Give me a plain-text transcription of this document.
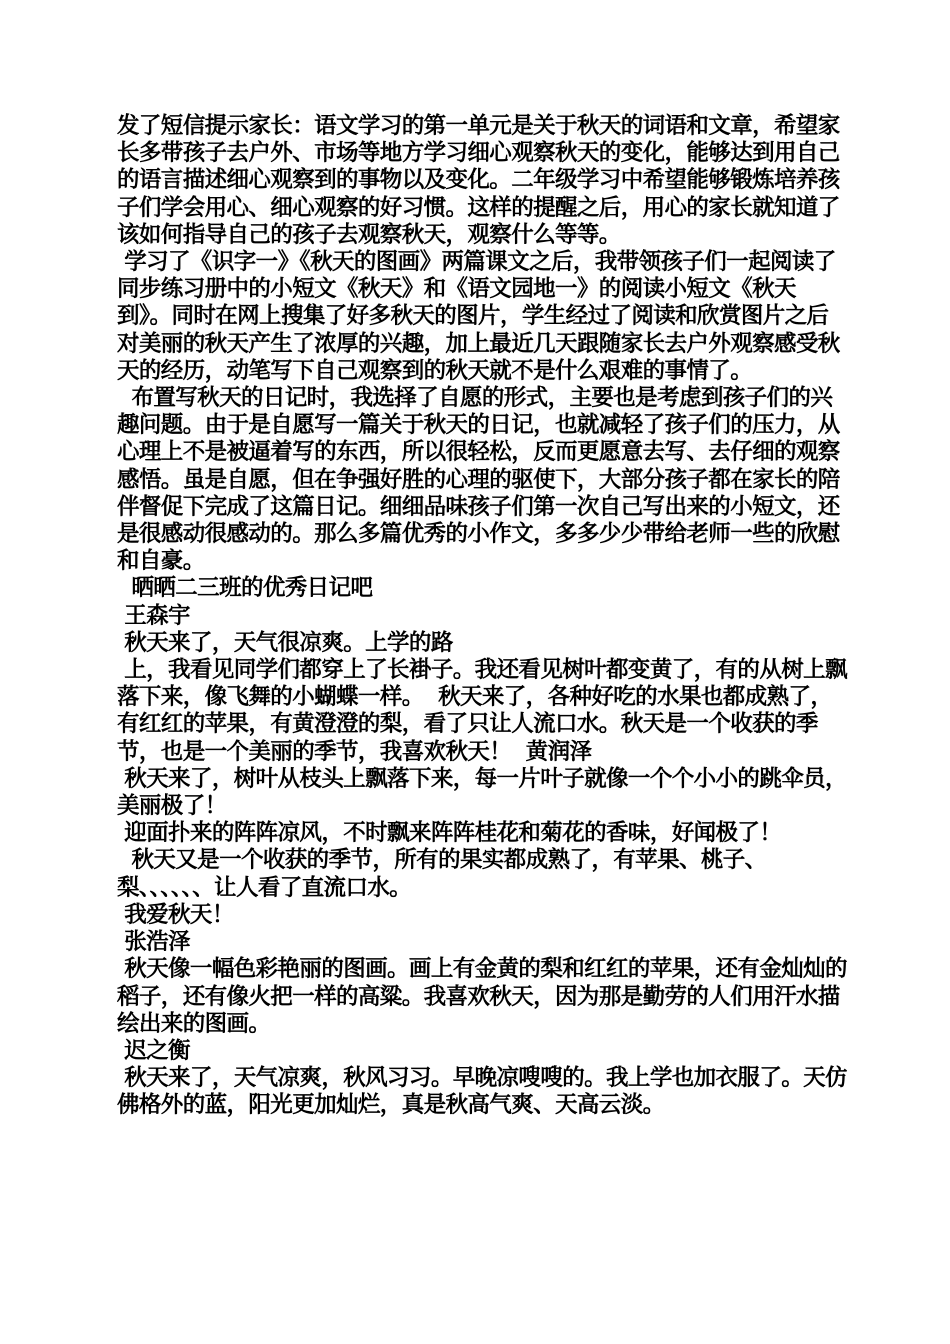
发了短信提示家长：语文学习的第一单元是关于秋天的词语和文章，希望家长多带孩子去户外、市场等地方学习细心观察秋天的变化，能够达到用自己的语言描述细心观察到的事物以及变化。二年级学习中希望能够锻炼培养孩子们学会用心、细心观察的好习惯。这样的提醒之后，用心的家长就知道了该如何指导自己的孩子去观察秋天，观察什么等等。

学习了《识字一》《秋天的图画》两篇课文之后，我带领孩子们一起阅读了同步练习册中的小短文《秋天》和《语文园地一》的阅读小短文《秋天到》。同时在网上搜集了好多秋天的图片，学生经过了阅读和欣赏图片之后对美丽的秋天产生了浓厚的兴趣，加上最近几天跟随家长去户外观察感受秋天的经历，动笔写下自己观察到的秋天就不是什么艰难的事情了。

布置写秋天的日记时，我选择了自愿的形式，主要也是考虑到孩子们的兴趣问题。由于是自愿写一篇关于秋天的日记，也就减轻了孩子们的压力，从心理上不是被逼着写的东西，所以很轻松，反而更愿意去写、去仔细的观察感悟。虽是自愿，但在争强好胜的心理的驱使下，大部分孩子都在家长的陪伴督促下完成了这篇日记。细细品味孩子们第一次自己写出来的小短文，还是很感动很感动的。那么多篇优秀的小作文，多多少少带给老师一些的欣慰和自豪。

晒晒二三班的优秀日记吧

王森宇

秋天来了，天气很凉爽。上学的路

上，我看见同学们都穿上了长褂子。我还看见树叶都变黄了，有的从树上飘落下来，像飞舞的小蝴蝶一样。  秋天来了，各种好吃的水果也都成熟了，有红红的苹果，有黄澄澄的梨，看了只让人流口水。秋天是一个收获的季节，也是一个美丽的季节，我喜欢秋天！  黄润泽

秋天来了，树叶从枝头上飘落下来，每一片叶子就像一个个小小的跳伞员，美丽极了！

迎面扑来的阵阵凉风，不时飘来阵阵桂花和菊花的香味，好闻极了！

秋天又是一个收获的季节，所有的果实都成熟了，有苹果、桃子、梨、、、、、、让人看了直流口水。

我爱秋天！

张浩泽

秋天像一幅色彩艳丽的图画。画上有金黄的梨和红红的苹果，还有金灿灿的稻子，还有像火把一样的高粱。我喜欢秋天，因为那是勤劳的人们用汗水描绘出来的图画。

迟之衡

秋天来了，天气凉爽，秋风习习。早晚凉嗖嗖的。我上学也加衣服了。天仿佛格外的蓝，阳光更加灿烂，真是秋高气爽、天高云淡。
